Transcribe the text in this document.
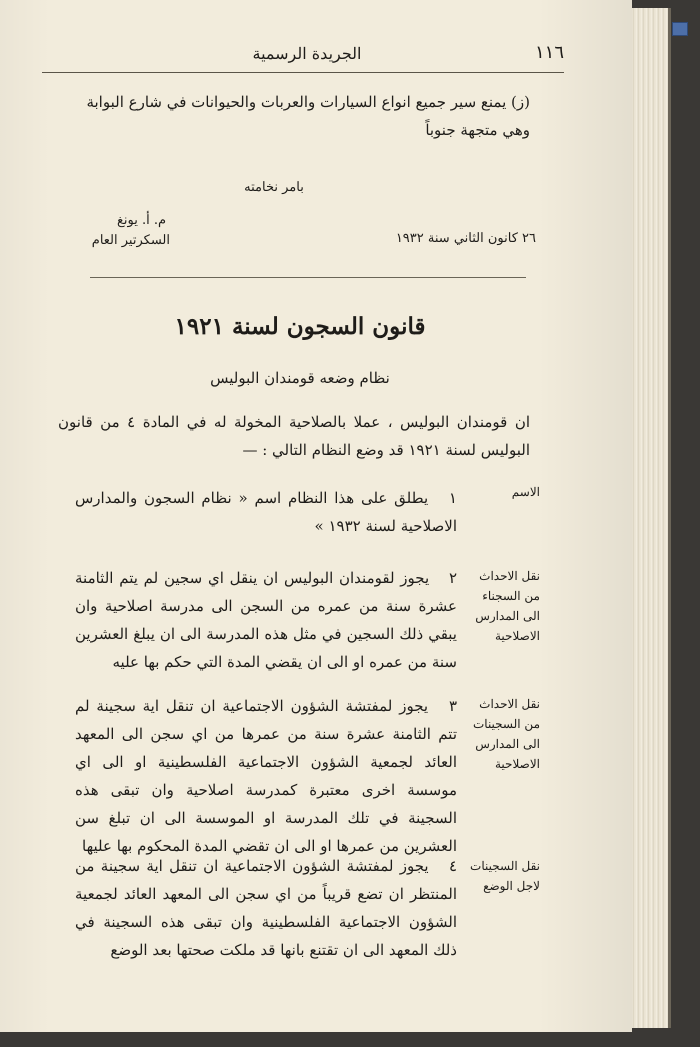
١١٦
الجريدة الرسمية
(ز) يمنع سير جميع انواع السيارات والعربات والحيوانات في شارع البوابة وهي متجهة جنوباً
بامر نخامته
م. أ. يونغ
٢٦ كانون الثاني سنة ١٩٣٢
السكرتير العام
قانون السجون لسنة ١٩٢١
نظام وضعه قومندان البوليس
ان قومندان البوليس ، عملا بالصلاحية المخولة له في المادة ٤ من قانون البوليس لسنة ١٩٢١ قد وضع النظام التالي : —
الاسم
١ يطلق على هذا النظام اسم « نظام السجون والمدارس الاصلاحية لسنة ١٩٣٢ »
نقل الاحداث من السجناء الى المدارس الاصلاحية
٢ يجوز لقومندان البوليس ان ينقل اي سجين لم يتم الثامنة عشرة سنة من عمره من السجن الى مدرسة اصلاحية وان يبقي ذلك السجين في مثل هذه المدرسة الى ان يبلغ العشرين سنة من عمره او الى ان يقضي المدة التي حكم بها عليه
نقل الاحداث من السجينات الى المدارس الاصلاحية
٣ يجوز لمفتشة الشؤون الاجتماعية ان تنقل اية سجينة لم تتم الثامنة عشرة سنة من عمرها من اي سجن الى المعهد العائد لجمعية الشؤون الاجتماعية الفلسطينية او الى اي موسسة اخرى معتبرة كمدرسة اصلاحية وان تبقى هذه السجينة في تلك المدرسة او الموسسة الى ان تبلغ سن العشرين من عمرها او الى ان تقضي المدة المحكوم بها عليها
نقل السجينات لاجل الوضع
٤ يجوز لمفتشة الشؤون الاجتماعية ان تنقل اية سجينة من المنتظر ان تضع قريباً من اي سجن الى المعهد العائد لجمعية الشؤون الاجتماعية الفلسطينية وان تبقى هذه السجينة في ذلك المعهد الى ان تقتنع بانها قد ملكت صحتها بعد الوضع
